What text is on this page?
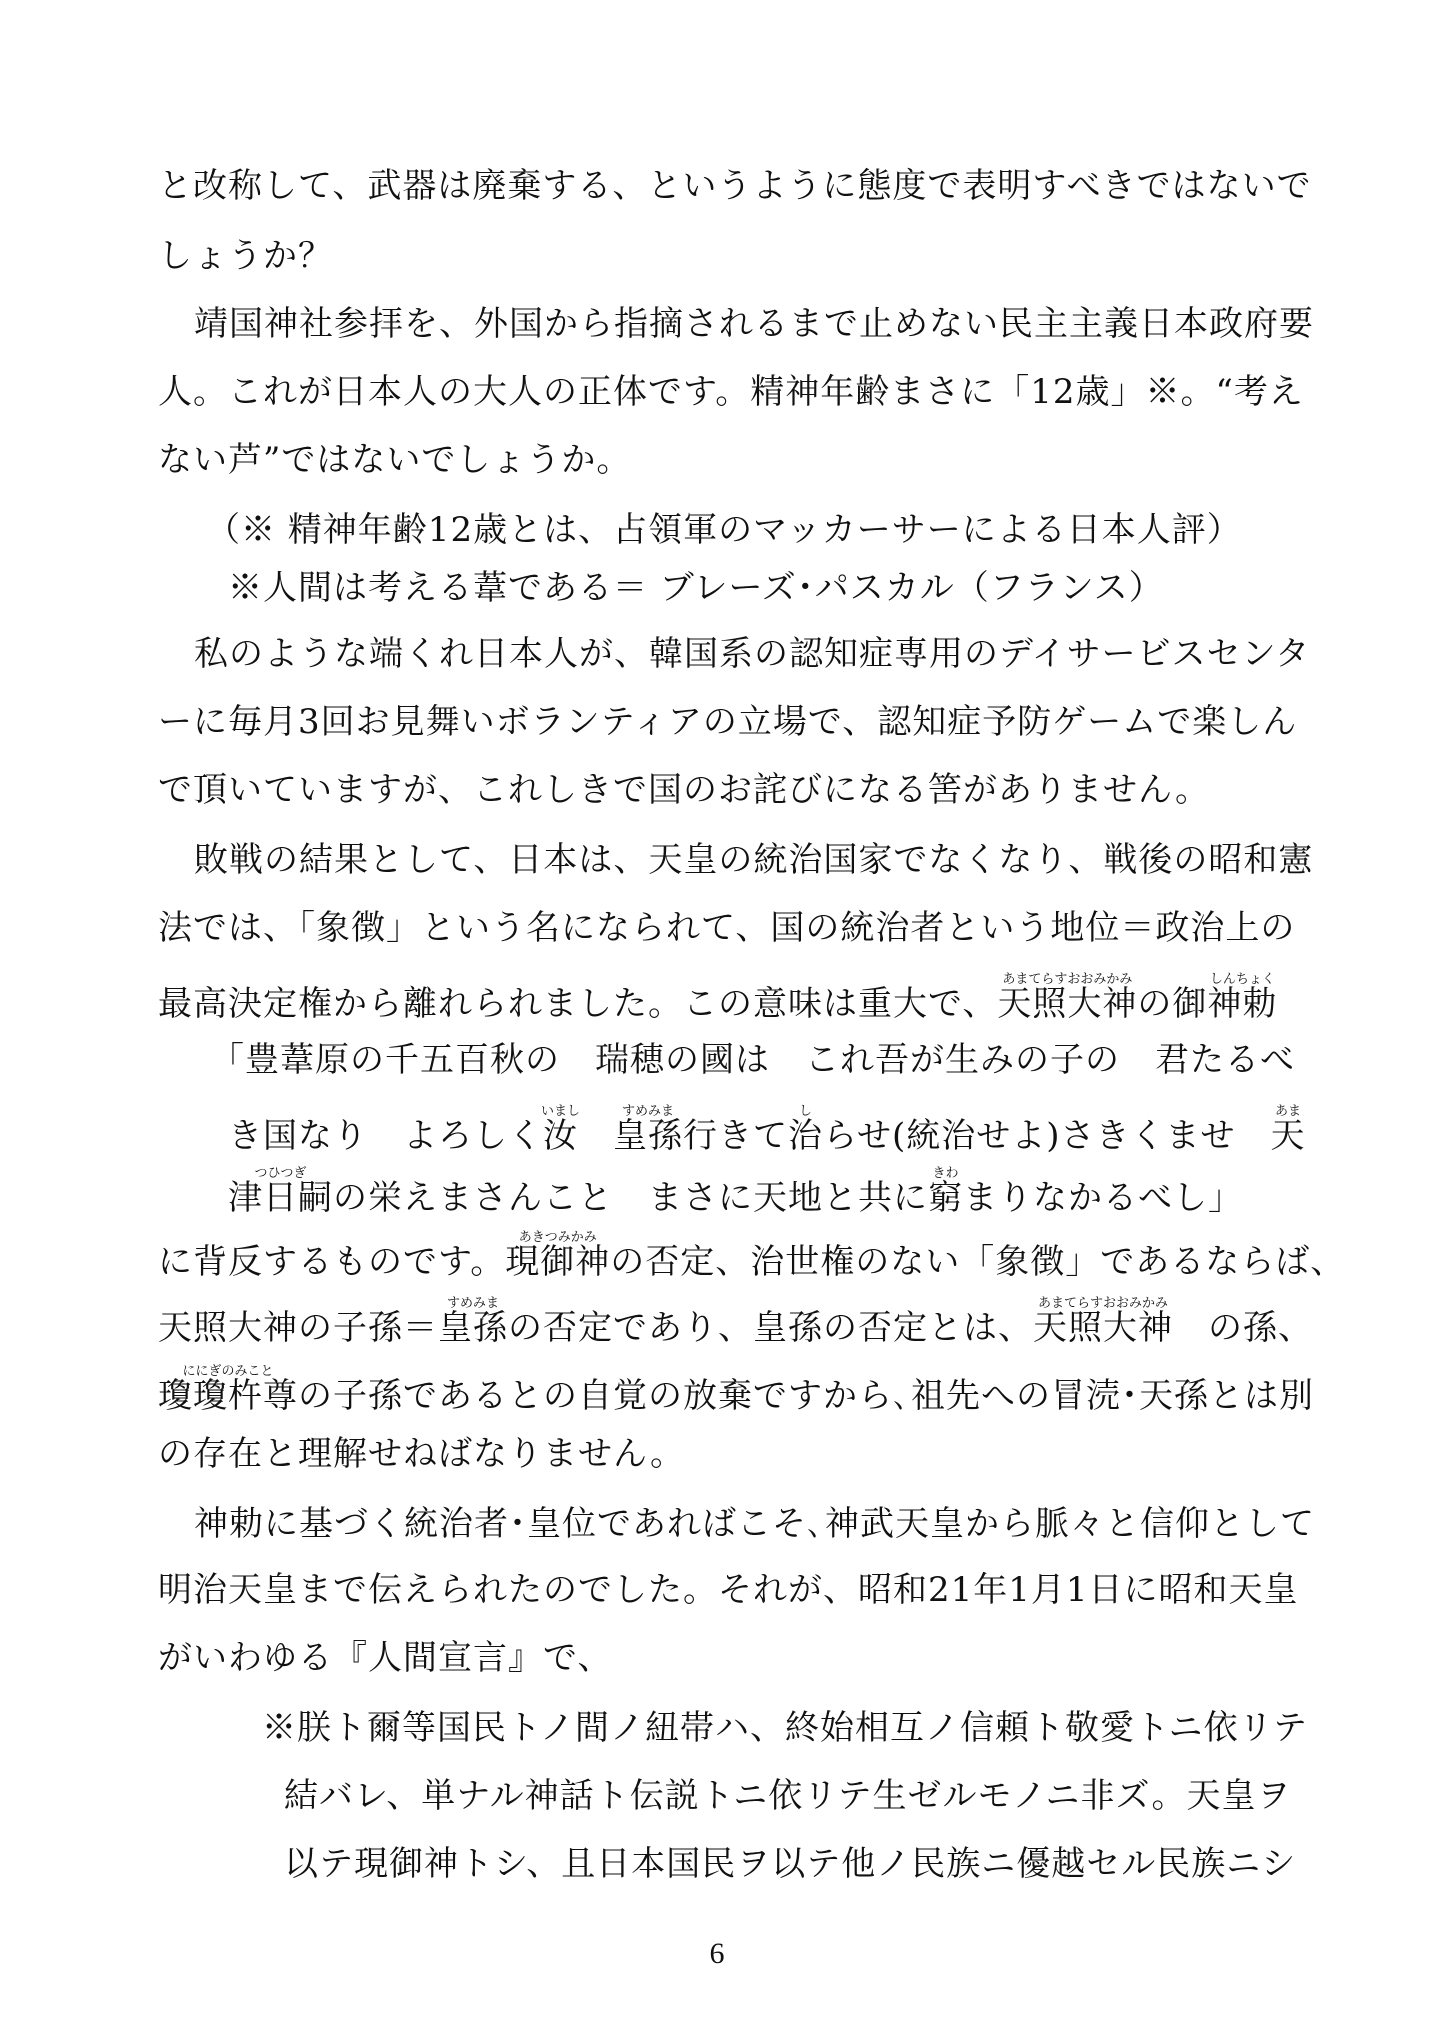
と改称して、武器は廃棄する、というように態度で表明すべきではないで
しょうか？
靖国神社参拝を、外国から指摘されるまで止めない民主主義日本政府要
人。これが日本人の大人の正体です。精神年齢まさに「12歳」※。“考え
ない芦”ではないでしょうか。
（※ 精神年齢12歳とは、占領軍のマッカーサーによる日本人評）
※人間は考える葦である＝ ブレーズ･パスカル（フランス）
私のような端くれ日本人が、韓国系の認知症専用のデイサービスセンタ
ーに毎月3回お見舞いボランティアの立場で、認知症予防ゲームで楽しん
で頂いていますが、これしきで国のお詫びになる筈がありません。
敗戦の結果として、日本は、天皇の統治国家でなくなり、戦後の昭和憲
法では、「象徴」という名になられて、国の統治者という地位＝政治上の
最高決定権から離れられました。この意味は重大で、天照大神あまてらすおおみかみの御神勅しんちょく
「豊葦原の千五百秋の　瑞穂の國は　これ吾が生みの子の　君たるべ
き国なり　よろしく汝いまし　皇孫すめみま行きて治しらせ(統治せよ)さきくませ　 天あま
津日嗣つひつぎの栄えまさんこと　まさに天地と共に窮きわまりなかるべし」
に背反するものです。現御神あきつみかみの否定、治世権のない「象徴」であるならば、
天照大神の子孫＝皇孫すめみまの否定であり、皇孫の否定とは、天照大神あまてらすおおみかみ　の孫、
瓊瓊杵尊ににぎのみことの子孫であるとの自覚の放棄ですから､祖先への冒涜･天孫とは別
の存在と理解せねばなりません。
神勅に基づく統治者･皇位であればこそ､神武天皇から脈々と信仰として
明治天皇まで伝えられたのでした。それが、昭和21年1月1日に昭和天皇
がいわゆる『人間宣言』で、
※朕ト爾等国民トノ間ノ紐帯ハ、終始相互ノ信頼ト敬愛トニ依リテ
結バレ、単ナル神話ト伝説トニ依リテ生ゼルモノニ非ズ。天皇ヲ
以テ現御神トシ、且日本国民ヲ以テ他ノ民族ニ優越セル民族ニシ
6
